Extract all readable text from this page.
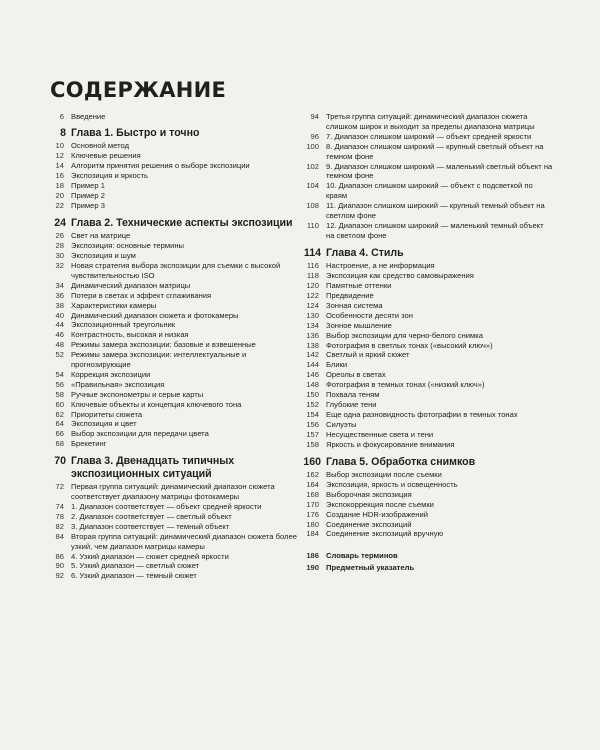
СОДЕРЖАНИЕ
6 Введение
8 Глава 1. Быстро и точно
10 Основной метод
12 Ключевые решения
14 Алгоритм принятия решения о выборе экспозиции
16 Экспозиция и яркость
18 Пример 1
20 Пример 2
22 Пример 3
24 Глава 2. Технические аспекты экспозиции
26 Свет на матрице
28 Экспозиция: основные термины
30 Экспозиция и шум
32 Новая стратегия выбора экспозиции для съемки с высокой чувствительностью ISO
34 Динамический диапазон матрицы
36 Потери в светах и эффект сглаживания
38 Характеристики камеры
40 Динамический диапазон сюжета и фотокамеры
44 Экспозиционный треугольник
46 Контрастность, высокая и низкая
48 Режимы замера экспозиции: базовые и взвешенные
52 Режимы замера экспозиции: интеллектуальные и прогнозирующие
54 Коррекция экспозиции
56 «Правильная» экспозиция
58 Ручные экспонометры и серые карты
60 Ключевые объекты и концепция ключевого тона
62 Приоритеты сюжета
64 Экспозиция и цвет
66 Выбор экспозиции для передачи цвета
68 Брекетинг
70 Глава 3. Двенадцать типичных экспозиционных ситуаций
72 Первая группа ситуаций: динамический диапазон сюжета соответствует диапазону матрицы фотокамеры
74 1. Диапазон соответствует — объект средней яркости
78 2. Диапазон соответствует — светлый объект
82 3. Диапазон соответствует — темный объект
84 Вторая группа ситуаций: динамический диапазон сюжета более узкий, чем диапазон матрицы камеры
86 4. Узкий диапазон — сюжет средней яркости
90 5. Узкий диапазон — светлый сюжет
92 6. Узкий диапазон — темный сюжет
94 Третья группа ситуаций: динамический диапазон сюжета слишком широк и выходит за пределы диапазона матрицы
96 7. Диапазон слишком широкий — объект средней яркости
100 8. Диапазон слишком широкий — крупный светлый объект на темном фоне
102 9. Диапазон слишком широкий — маленький светлый объект на темном фоне
104 10. Диапазон слишком широкий — объект с подсветкой по краям
108 11. Диапазон слишком широкий — крупный темный объект на светлом фоне
110 12. Диапазон слишком широкий — маленький темный объект на светлом фоне
114 Глава 4. Стиль
116 Настроение, а не информация
118 Экспозиция как средство самовыражения
120 Памятные оттенки
122 Предвидение
124 Зонная система
130 Особенности десяти зон
134 Зонное мышление
136 Выбор экспозиции для черно-белого снимка
138 Фотография в светлых тонах («высокий ключ»)
142 Светлый и яркий сюжет
144 Блики
146 Ореолы в светах
148 Фотография в темных тонах («низкий ключ»)
150 Похвала теням
152 Глубокие тени
154 Еще одна разновидность фотографии в темных тонах
156 Силуэты
157 Несущественные света и тени
158 Яркость и фокусирование внимания
160 Глава 5. Обработка снимков
162 Выбор экспозиции после съемки
164 Экспозиция, яркость и освещенность
168 Выборочная экспозиция
170 Экспокоррекция после съемки
176 Создание HDR-изображений
180 Соединение экспозиций
184 Соединение экспозиций вручную
186 Словарь терминов
190 Предметный указатель
